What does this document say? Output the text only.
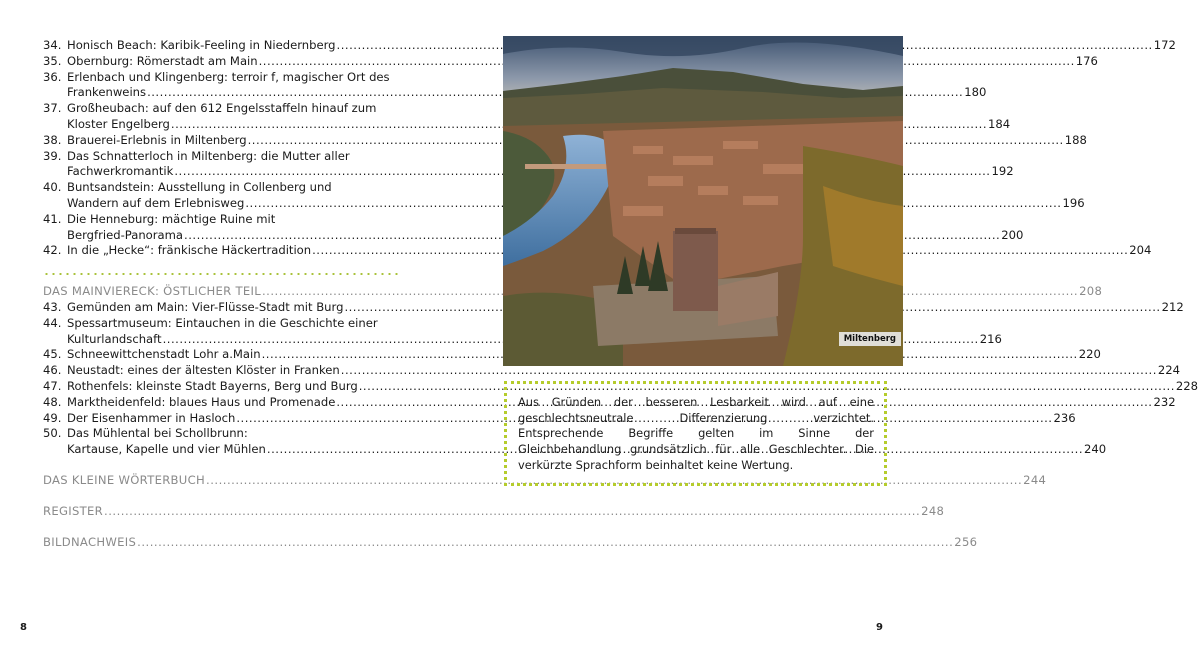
34. Honisch Beach: Karibik-Feeling in Niedernberg .....	172
35. Obernburg: Römerstadt am Main .....	176
36. Erlenbach und Klingenberg: terroir f, magischer Ort des
Frankenweins .....	180
37. Großheubach: auf den 612 Engelsstaffeln hinauf zum
Kloster Engelberg .....	184
38. Brauerei-Erlebnis in Miltenberg .....	188
39. Das Schnatterloch in Miltenberg: die Mutter aller
Fachwerkromantik .....	192
40. Buntsandstein: Ausstellung in Collenberg und
Wandern auf dem Erlebnisweg .....	196
41. Die Henneburg: mächtige Ruine mit
Bergfried-Panorama .....	200
42. In die „Hecke“: fränkische Häckertradition .....	204
DAS MAINVIERECK: ÖSTLICHER TEIL .....	208
43. Gemünden am Main: Vier-Flüsse-Stadt mit Burg .....	212
44. Spessartmuseum: Eintauchen in die Geschichte einer
Kulturlandschaft .....	216
45. Schneewittchenstadt Lohr a.Main .....	220
46. Neustadt: eines der ältesten Klöster in Franken .....	224
47. Rothenfels: kleinste Stadt Bayerns, Berg und Burg .....	228
48. Marktheidenfeld: blaues Haus und Promenade .....	232
49. Der Eisenhammer in Hasloch .....	236
50. Das Mühlental bei Schollbrunn:
Kartause, Kapelle und vier Mühlen .....	240
DAS KLEINE WÖRTERBUCH .....	244
REGISTER .....	248
BILDNACHWEIS .....	256
8
Miltenberg
Aus Gründen der besseren Lesbarkeit wird auf eine geschlechtsneutrale Differenzierung verzichtet. Entsprechende Begriffe gelten im Sinne der Gleichbehandlung grundsätzlich für alle Geschlechter. Die verkürzte Sprachform beinhaltet keine Wertung.
9
